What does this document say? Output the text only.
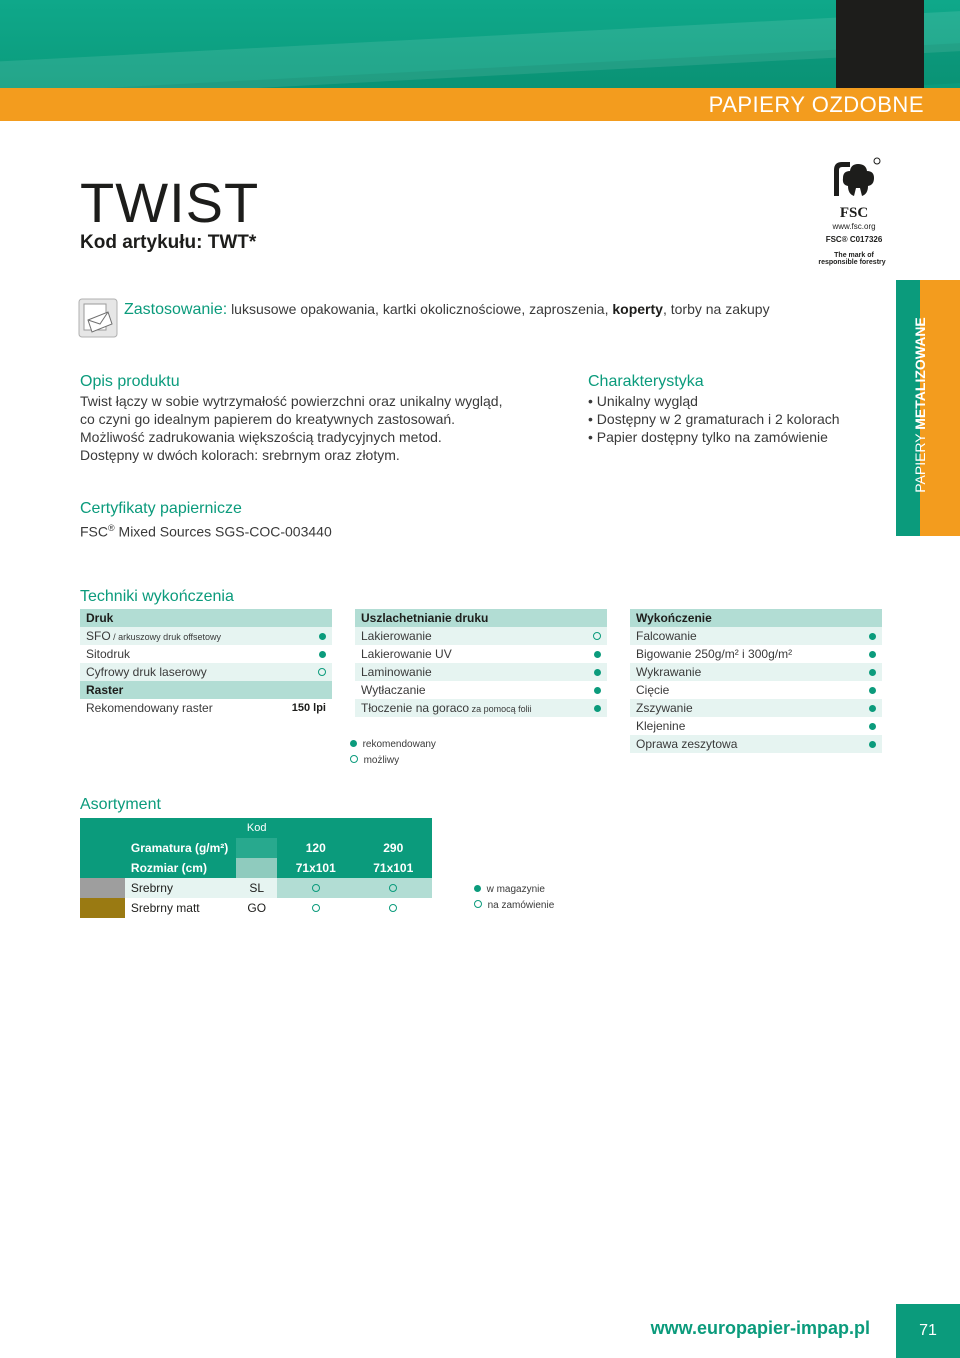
PAPIERY OZDOBNE
TWIST
Kod artykułu: TWT*
FSC
www.fsc.org
FSC® C017326
The mark of
responsible forestry
Zastosowanie: luksusowe opakowania, kartki okolicznościowe, zaproszenia, koperty, torby na zakupy
Opis produktu
Twist łączy w sobie wytrzymałość powierzchni oraz unikalny wygląd,
co czyni go idealnym papierem do kreatywnych zastosowań.
Możliwość zadrukowania większością tradycyjnych metod.
Dostępny w dwóch kolorach: srebrnym oraz złotym.
Charakterystyka
• Unikalny wygląd
• Dostępny w 2 gramaturach i 2 kolorach
• Papier dostępny tylko na zamówienie	PAPIERY METALIZOWANE
Certyfikaty papiernicze
FSC® Mixed Sources SGS-COC-003440
Techniki wykończenia
Druk	
SFO / arkuszowy druk offsetowy	
Sitodruk	
Cyfrowy druk laserowy	
Raster	
Rekomendowany raster	150 lpi
Uszlachetnianie druku	
Lakierowanie	
Lakierowanie UV	
Laminowanie	
Wytłaczanie	
Tłoczenie na goraco za pomocą folii	
rekomendowany
możliwy
Wykończenie	
Falcowanie	
Bigowanie 250g/m² i 300g/m²	
Wykrawanie	
Cięcie	
Zszywanie	
Klejenine	
Oprawa zeszytowa	
Asortyment
		Kod		
	Gramatura (g/m²)		120	290
	Rozmiar (cm)		71x101	71x101
	Srebrny	SL		
	Srebrny matt	GO		
w magazynie
na zamówienie
www.europapier-impap.pl	71
